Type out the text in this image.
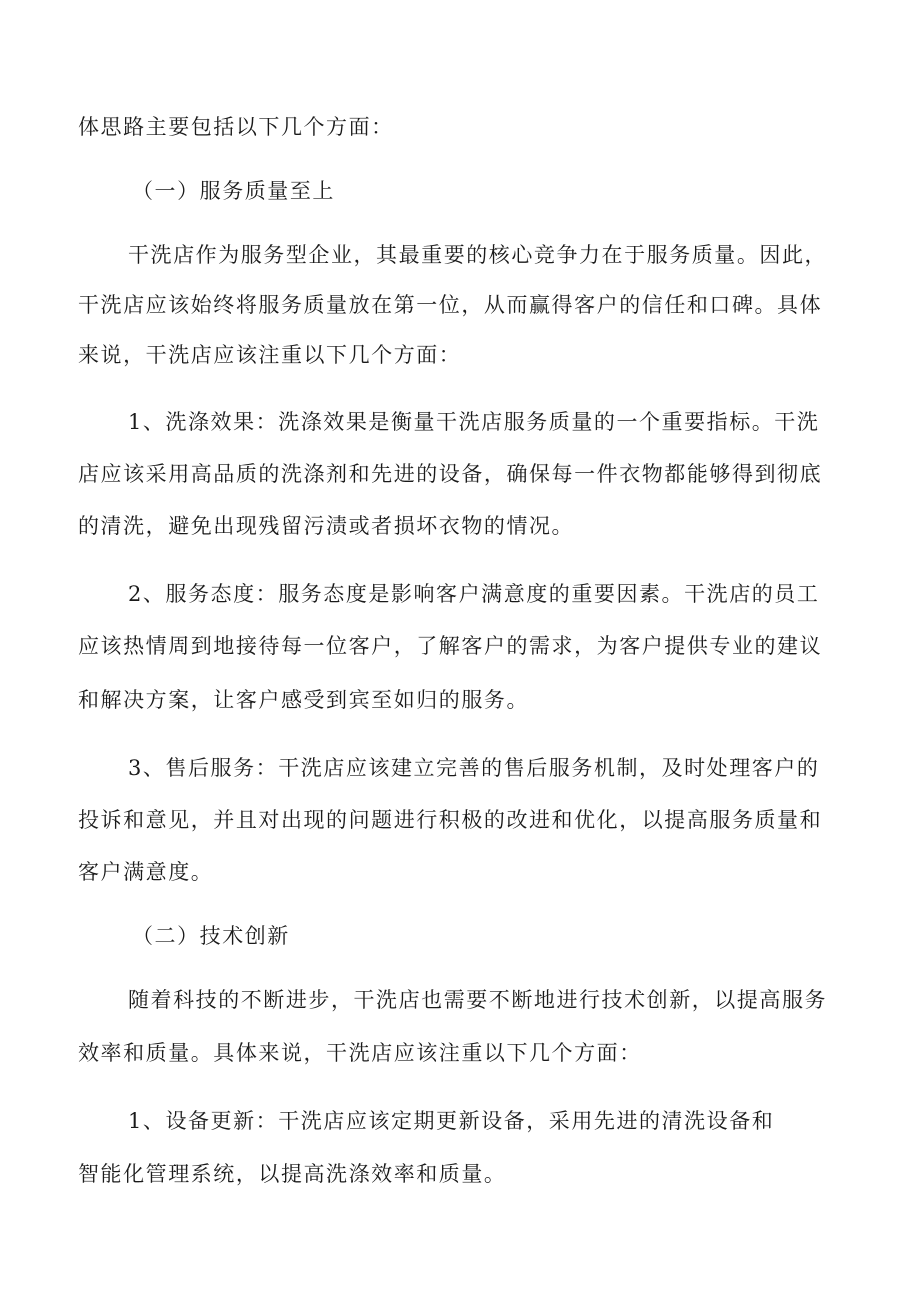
体思路主要包括以下几个方面：
（一）服务质量至上
干洗店作为服务型企业，其最重要的核心竞争力在于服务质量。因此，
干洗店应该始终将服务质量放在第一位，从而赢得客户的信任和口碑。具体
来说，干洗店应该注重以下几个方面：
1、洗涤效果：洗涤效果是衡量干洗店服务质量的一个重要指标。干洗
店应该采用高品质的洗涤剂和先进的设备，确保每一件衣物都能够得到彻底
的清洗，避免出现残留污渍或者损坏衣物的情况。
2、服务态度：服务态度是影响客户满意度的重要因素。干洗店的员工
应该热情周到地接待每一位客户，了解客户的需求，为客户提供专业的建议
和解决方案，让客户感受到宾至如归的服务。
3、售后服务：干洗店应该建立完善的售后服务机制，及时处理客户的
投诉和意见，并且对出现的问题进行积极的改进和优化，以提高服务质量和
客户满意度。
（二）技术创新
随着科技的不断进步，干洗店也需要不断地进行技术创新，以提高服务
效率和质量。具体来说，干洗店应该注重以下几个方面：
1、设备更新：干洗店应该定期更新设备，采用先进的清洗设备和
智能化管理系统，以提高洗涤效率和质量。
